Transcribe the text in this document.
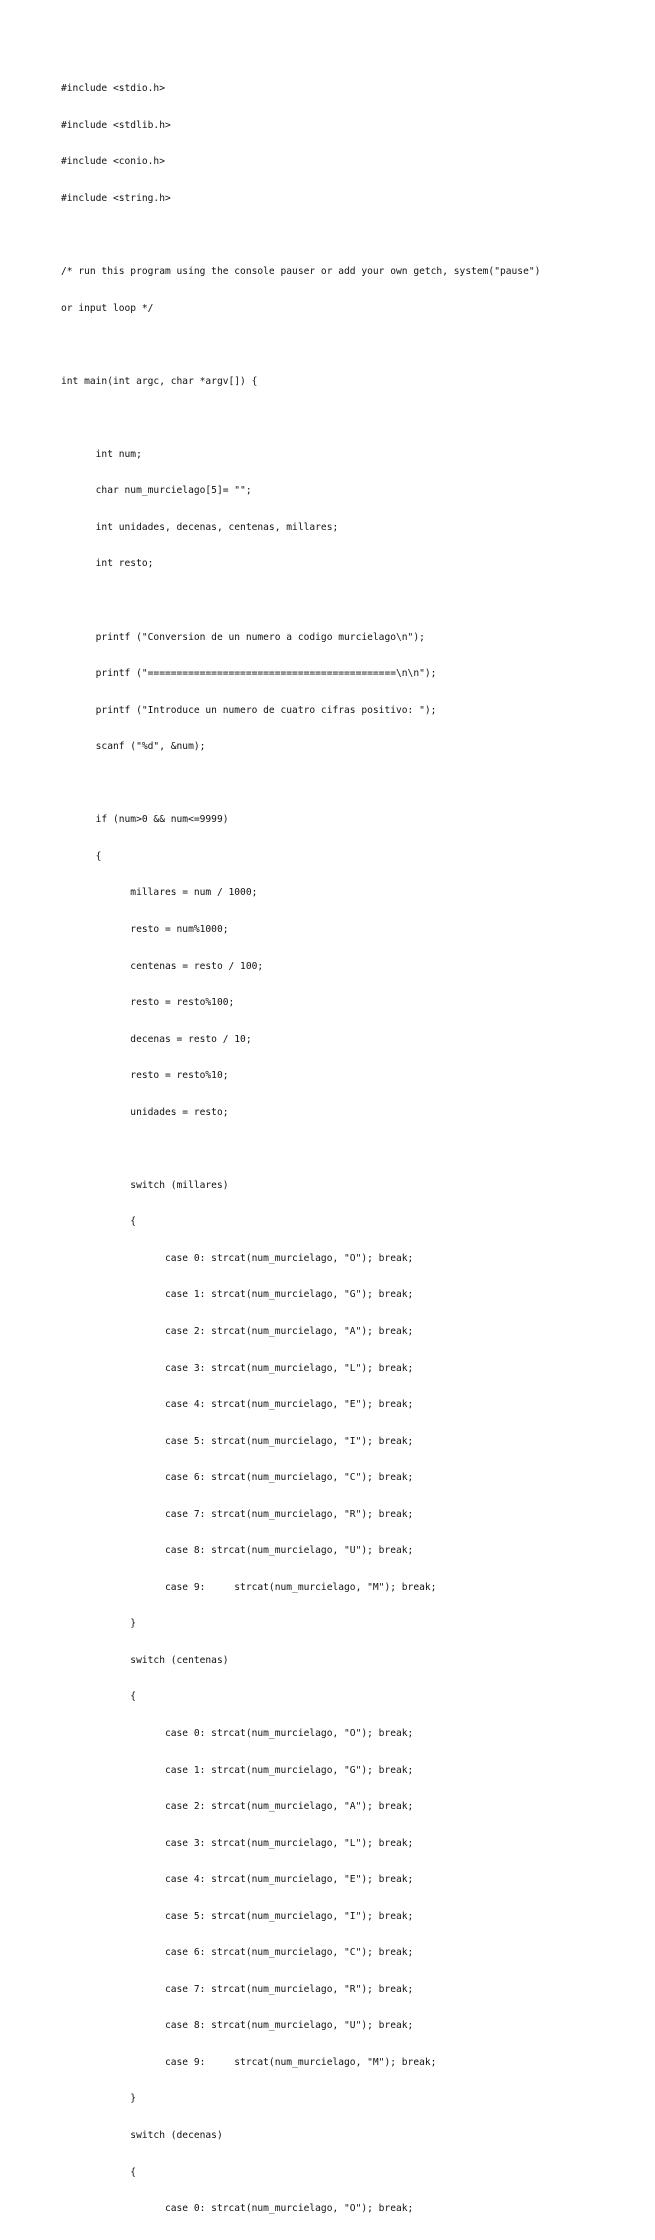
#include <stdio.h>

#include <stdlib.h>

#include <conio.h>

#include <string.h>

/* run this program using the console pauser or add your own getch, system("pause")

or input loop */

int main(int argc, char *argv[]) {

int num;

char num_murcielago[5]= "";

int unidades, decenas, centenas, millares;

int resto;

printf ("Conversion de un numero a codigo murcielago\n");

printf ("===========================================\n\n");

printf ("Introduce un numero de cuatro cifras positivo: ");

scanf ("%d", &num);

if (num>0 && num<=9999)

{

millares = num / 1000;

resto = num%1000;

centenas = resto / 100;

resto = resto%100;

decenas = resto / 10;

resto = resto%10;

unidades = resto;

switch (millares)

{

case 0: strcat(num_murcielago, "O"); break;

case 1: strcat(num_murcielago, "G"); break;

case 2: strcat(num_murcielago, "A"); break;

case 3: strcat(num_murcielago, "L"); break;

case 4: strcat(num_murcielago, "E"); break;

case 5: strcat(num_murcielago, "I"); break;

case 6: strcat(num_murcielago, "C"); break;

case 7: strcat(num_murcielago, "R"); break;

case 8: strcat(num_murcielago, "U"); break;

case 9:     strcat(num_murcielago, "M"); break;

}

switch (centenas)

{

case 0: strcat(num_murcielago, "O"); break;

case 1: strcat(num_murcielago, "G"); break;

case 2: strcat(num_murcielago, "A"); break;

case 3: strcat(num_murcielago, "L"); break;

case 4: strcat(num_murcielago, "E"); break;

case 5: strcat(num_murcielago, "I"); break;

case 6: strcat(num_murcielago, "C"); break;

case 7: strcat(num_murcielago, "R"); break;

case 8: strcat(num_murcielago, "U"); break;

case 9:     strcat(num_murcielago, "M"); break;

}

switch (decenas)

{

case 0: strcat(num_murcielago, "O"); break;
